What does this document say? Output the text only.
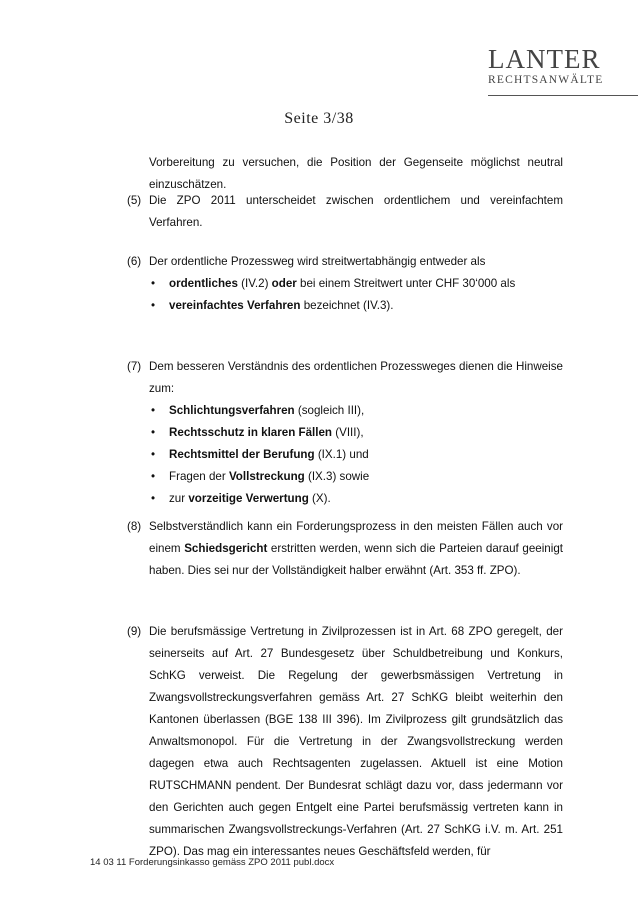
LANTER
RECHTSANWÄLTE
Seite 3/38
Vorbereitung zu versuchen, die Position der Gegenseite möglichst neutral einzuschätzen.
(5) Die ZPO 2011 unterscheidet zwischen ordentlichem und vereinfachtem Verfahren.
(6) Der ordentliche Prozessweg wird streitwertabhängig entweder als
• ordentliches (IV.2) oder bei einem Streitwert unter CHF 30‘000 als
• vereinfachtes Verfahren bezeichnet (IV.3).
(7) Dem besseren Verständnis des ordentlichen Prozessweges dienen die Hinweise zum:
• Schlichtungsverfahren (sogleich III),
• Rechtsschutz in klaren Fällen (VIII),
• Rechtsmittel der Berufung (IX.1) und
• Fragen der Vollstreckung (IX.3) sowie
• zur vorzeitige Verwertung (X).
(8) Selbstverständlich kann ein Forderungsprozess in den meisten Fällen auch vor einem Schiedsgericht erstritten werden, wenn sich die Parteien darauf geeinigt haben. Dies sei nur der Vollständigkeit halber erwähnt (Art. 353 ff. ZPO).
(9) Die berufsmässige Vertretung in Zivilprozessen ist in Art. 68 ZPO geregelt, der seinerseits auf Art. 27 Bundesgesetz über Schuldbetreibung und Konkurs, SchKG verweist. Die Regelung der gewerbsmässigen Vertretung in Zwangsvollstreckungsverfahren gemäss Art. 27 SchKG bleibt weiterhin den Kantonen überlassen (BGE 138 III 396). Im Zivilprozess gilt grundsätzlich das Anwaltsmonopol. Für die Vertretung in der Zwangsvollstreckung werden dagegen etwa auch Rechtsagenten zugelassen. Aktuell ist eine Motion RUTSCHMANN pendent. Der Bundesrat schlägt dazu vor, dass jedermann vor den Gerichten auch gegen Entgelt eine Partei berufsmässig vertreten kann in summarischen Zwangsvollstreckungs-Verfahren (Art. 27 SchKG i.V. m. Art. 251 ZPO). Das mag ein interessantes neues Geschäftsfeld werden, für
14 03 11 Forderungsinkasso gemäss ZPO 2011 publ.docx
